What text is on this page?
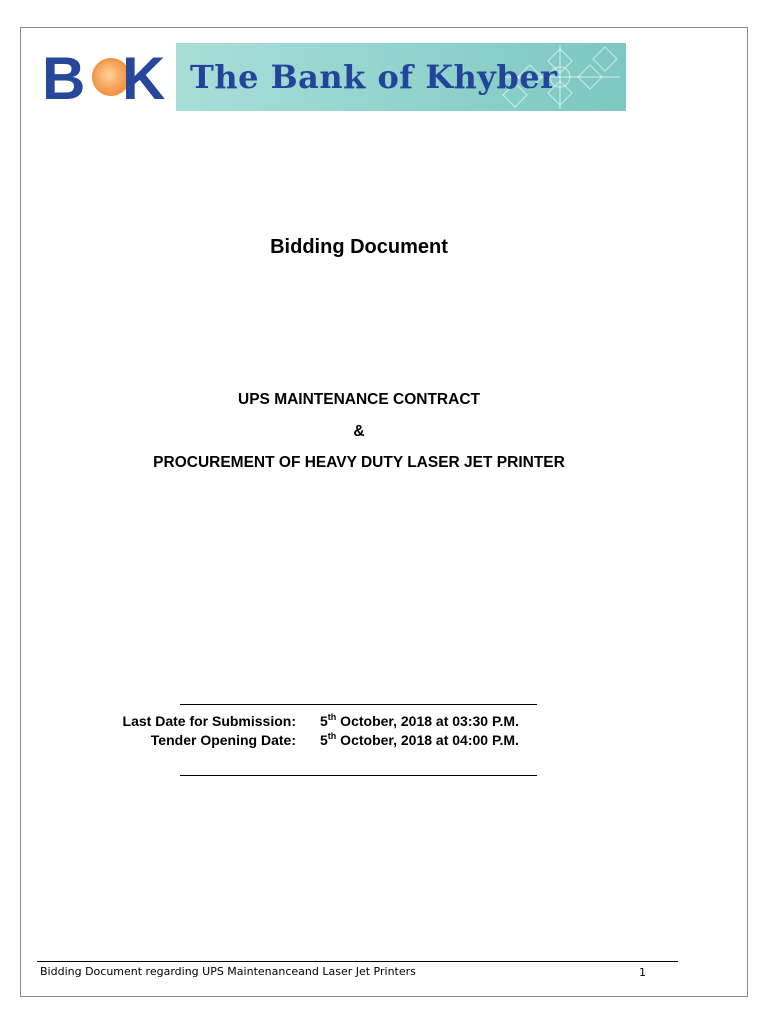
B K The Bank of Khyber
Bidding Document
UPS MAINTENANCE CONTRACT
&
PROCUREMENT OF HEAVY DUTY LASER JET PRINTER
Last Date for Submission: 5th October, 2018 at 03:30 P.M.
Tender Opening Date: 5th October, 2018 at 04:00 P.M.
Bidding Document regarding UPS Maintenanceand Laser Jet Printers	1
